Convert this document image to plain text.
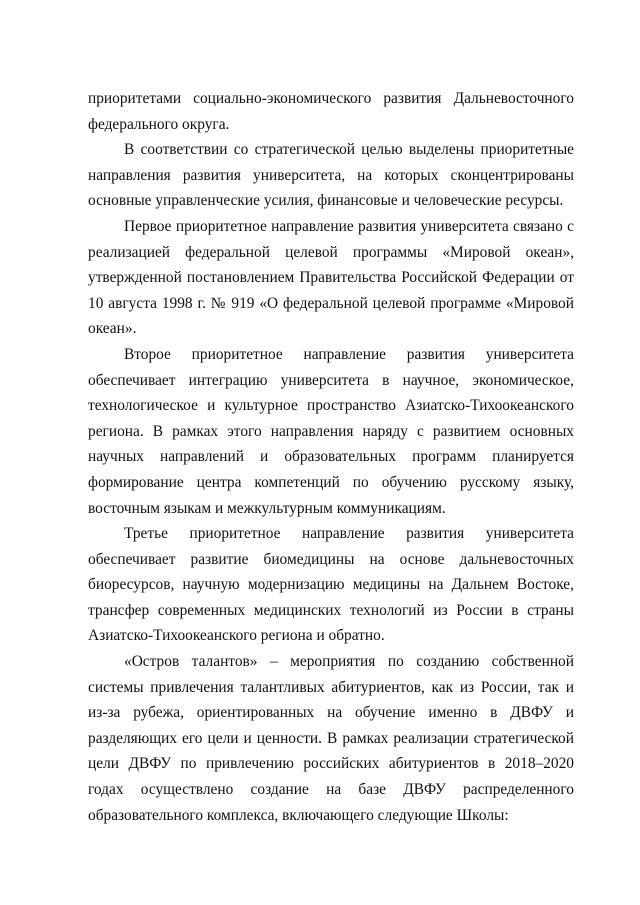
приоритетами социально-экономического развития Дальневосточного федерального округа.

В соответствии со стратегической целью выделены приоритетные направления развития университета, на которых сконцентрированы основные управленческие усилия, финансовые и человеческие ресурсы.

Первое приоритетное направление развития университета связано с реализацией федеральной целевой программы «Мировой океан», утвержденной постановлением Правительства Российской Федерации от 10 августа 1998 г. № 919 «О федеральной целевой программе «Мировой океан».

Второе приоритетное направление развития университета обеспечивает интеграцию университета в научное, экономическое, технологическое и культурное пространство Азиатско-Тихоокеанского региона. В рамках этого направления наряду с развитием основных научных направлений и образовательных программ планируется формирование центра компетенций по обучению русскому языку, восточным языкам и межкультурным коммуникациям.

Третье приоритетное направление развития университета обеспечивает развитие биомедицины на основе дальневосточных биоресурсов, научную модернизацию медицины на Дальнем Востоке, трансфер современных медицинских технологий из России в страны Азиатско-Тихоокеанского региона и обратно.

«Остров талантов» – мероприятия по созданию собственной системы привлечения талантливых абитуриентов, как из России, так и из-за рубежа, ориентированных на обучение именно в ДВФУ и разделяющих его цели и ценности. В рамках реализации стратегической цели ДВФУ по привлечению российских абитуриентов в 2018–2020 годах осуществлено создание на базе ДВФУ распределенного образовательного комплекса, включающего следующие Школы:
